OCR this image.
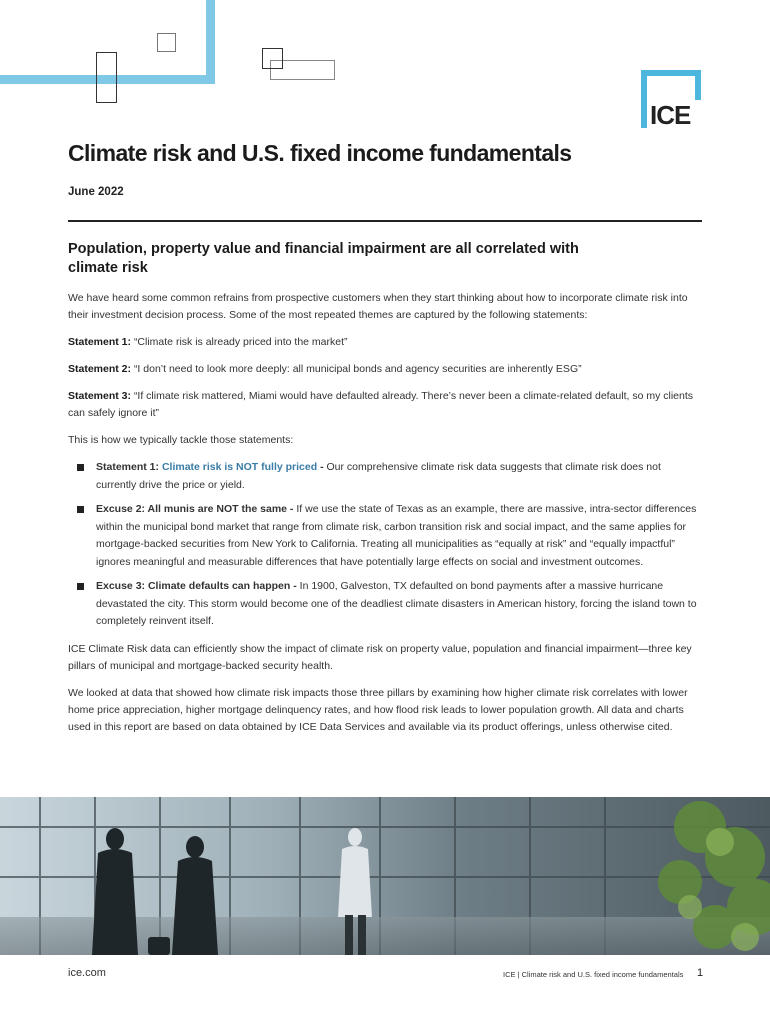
ICE
Climate risk and U.S. fixed income fundamentals
June 2022
Population, property value and financial impairment are all correlated with
climate risk

We have heard some common refrains from prospective customers when they start thinking about how to incorporate climate risk into their investment decision process. Some of the most repeated themes are captured by the following statements:

Statement 1: “Climate risk is already priced into the market”

Statement 2: “I don’t need to look more deeply: all municipal bonds and agency securities are inherently ESG”

Statement 3: “If climate risk mattered, Miami would have defaulted already. There’s never been a climate-related default, so my clients can safely ignore it”

This is how we typically tackle those statements:

Statement 1: Climate risk is NOT fully priced - Our comprehensive climate risk data suggests that climate risk does not currently drive the price or yield.
Excuse 2: All munis are NOT the same - If we use the state of Texas as an example, there are massive, intra-sector differences within the municipal bond market that range from climate risk, carbon transition risk and social impact, and the same applies for mortgage-backed securities from New York to California. Treating all municipalities as “equally at risk” and “equally impactful” ignores meaningful and measurable differences that have potentially large effects on social and investment outcomes.
Excuse 3: Climate defaults can happen - In 1900, Galveston, TX defaulted on bond payments after a massive hurricane devastated the city. This storm would become one of the deadliest climate disasters in American history, forcing the island town to completely reinvent itself.

ICE Climate Risk data can efficiently show the impact of climate risk on property value, population and financial impairment—three key pillars of municipal and mortgage-backed security health.

We looked at data that showed how climate risk impacts those three pillars by examining how higher climate risk correlates with lower home price appreciation, higher mortgage delinquency rates, and how flood risk leads to lower population growth. All data and charts used in this report are based on data obtained by ICE Data Services and available via its product offerings, unless otherwise cited.

ice.com	ICE | Climate risk and U.S. fixed income fundamentals 1
